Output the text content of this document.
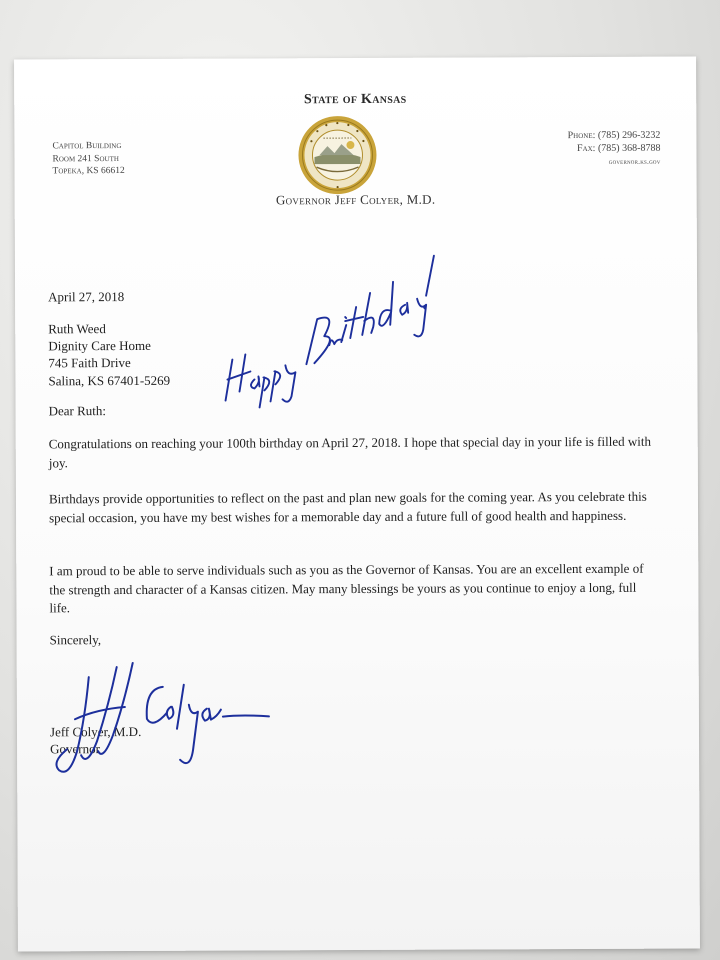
State of Kansas
Governor Jeff Colyer, M.D.
Capitol Building
Room 241 South
Topeka, KS 66612
Phone: (785) 296-3232
Fax: (785) 368-8788
governor.ks.gov
April 27, 2018
Ruth Weed
Dignity Care Home
745 Faith Drive
Salina, KS 67401-5269
Dear Ruth:
Congratulations on reaching your 100th birthday on April 27, 2018. I hope that special day in your life is filled with joy.
Birthdays provide opportunities to reflect on the past and plan new goals for the coming year. As you celebrate this special occasion, you have my best wishes for a memorable day and a future full of good health and happiness.
I am proud to be able to serve individuals such as you as the Governor of Kansas. You are an excellent example of the strength and character of a Kansas citizen. May many blessings be yours as you continue to enjoy a long, full life.
Sincerely,
Jeff Colyer, M.D.
Governor
